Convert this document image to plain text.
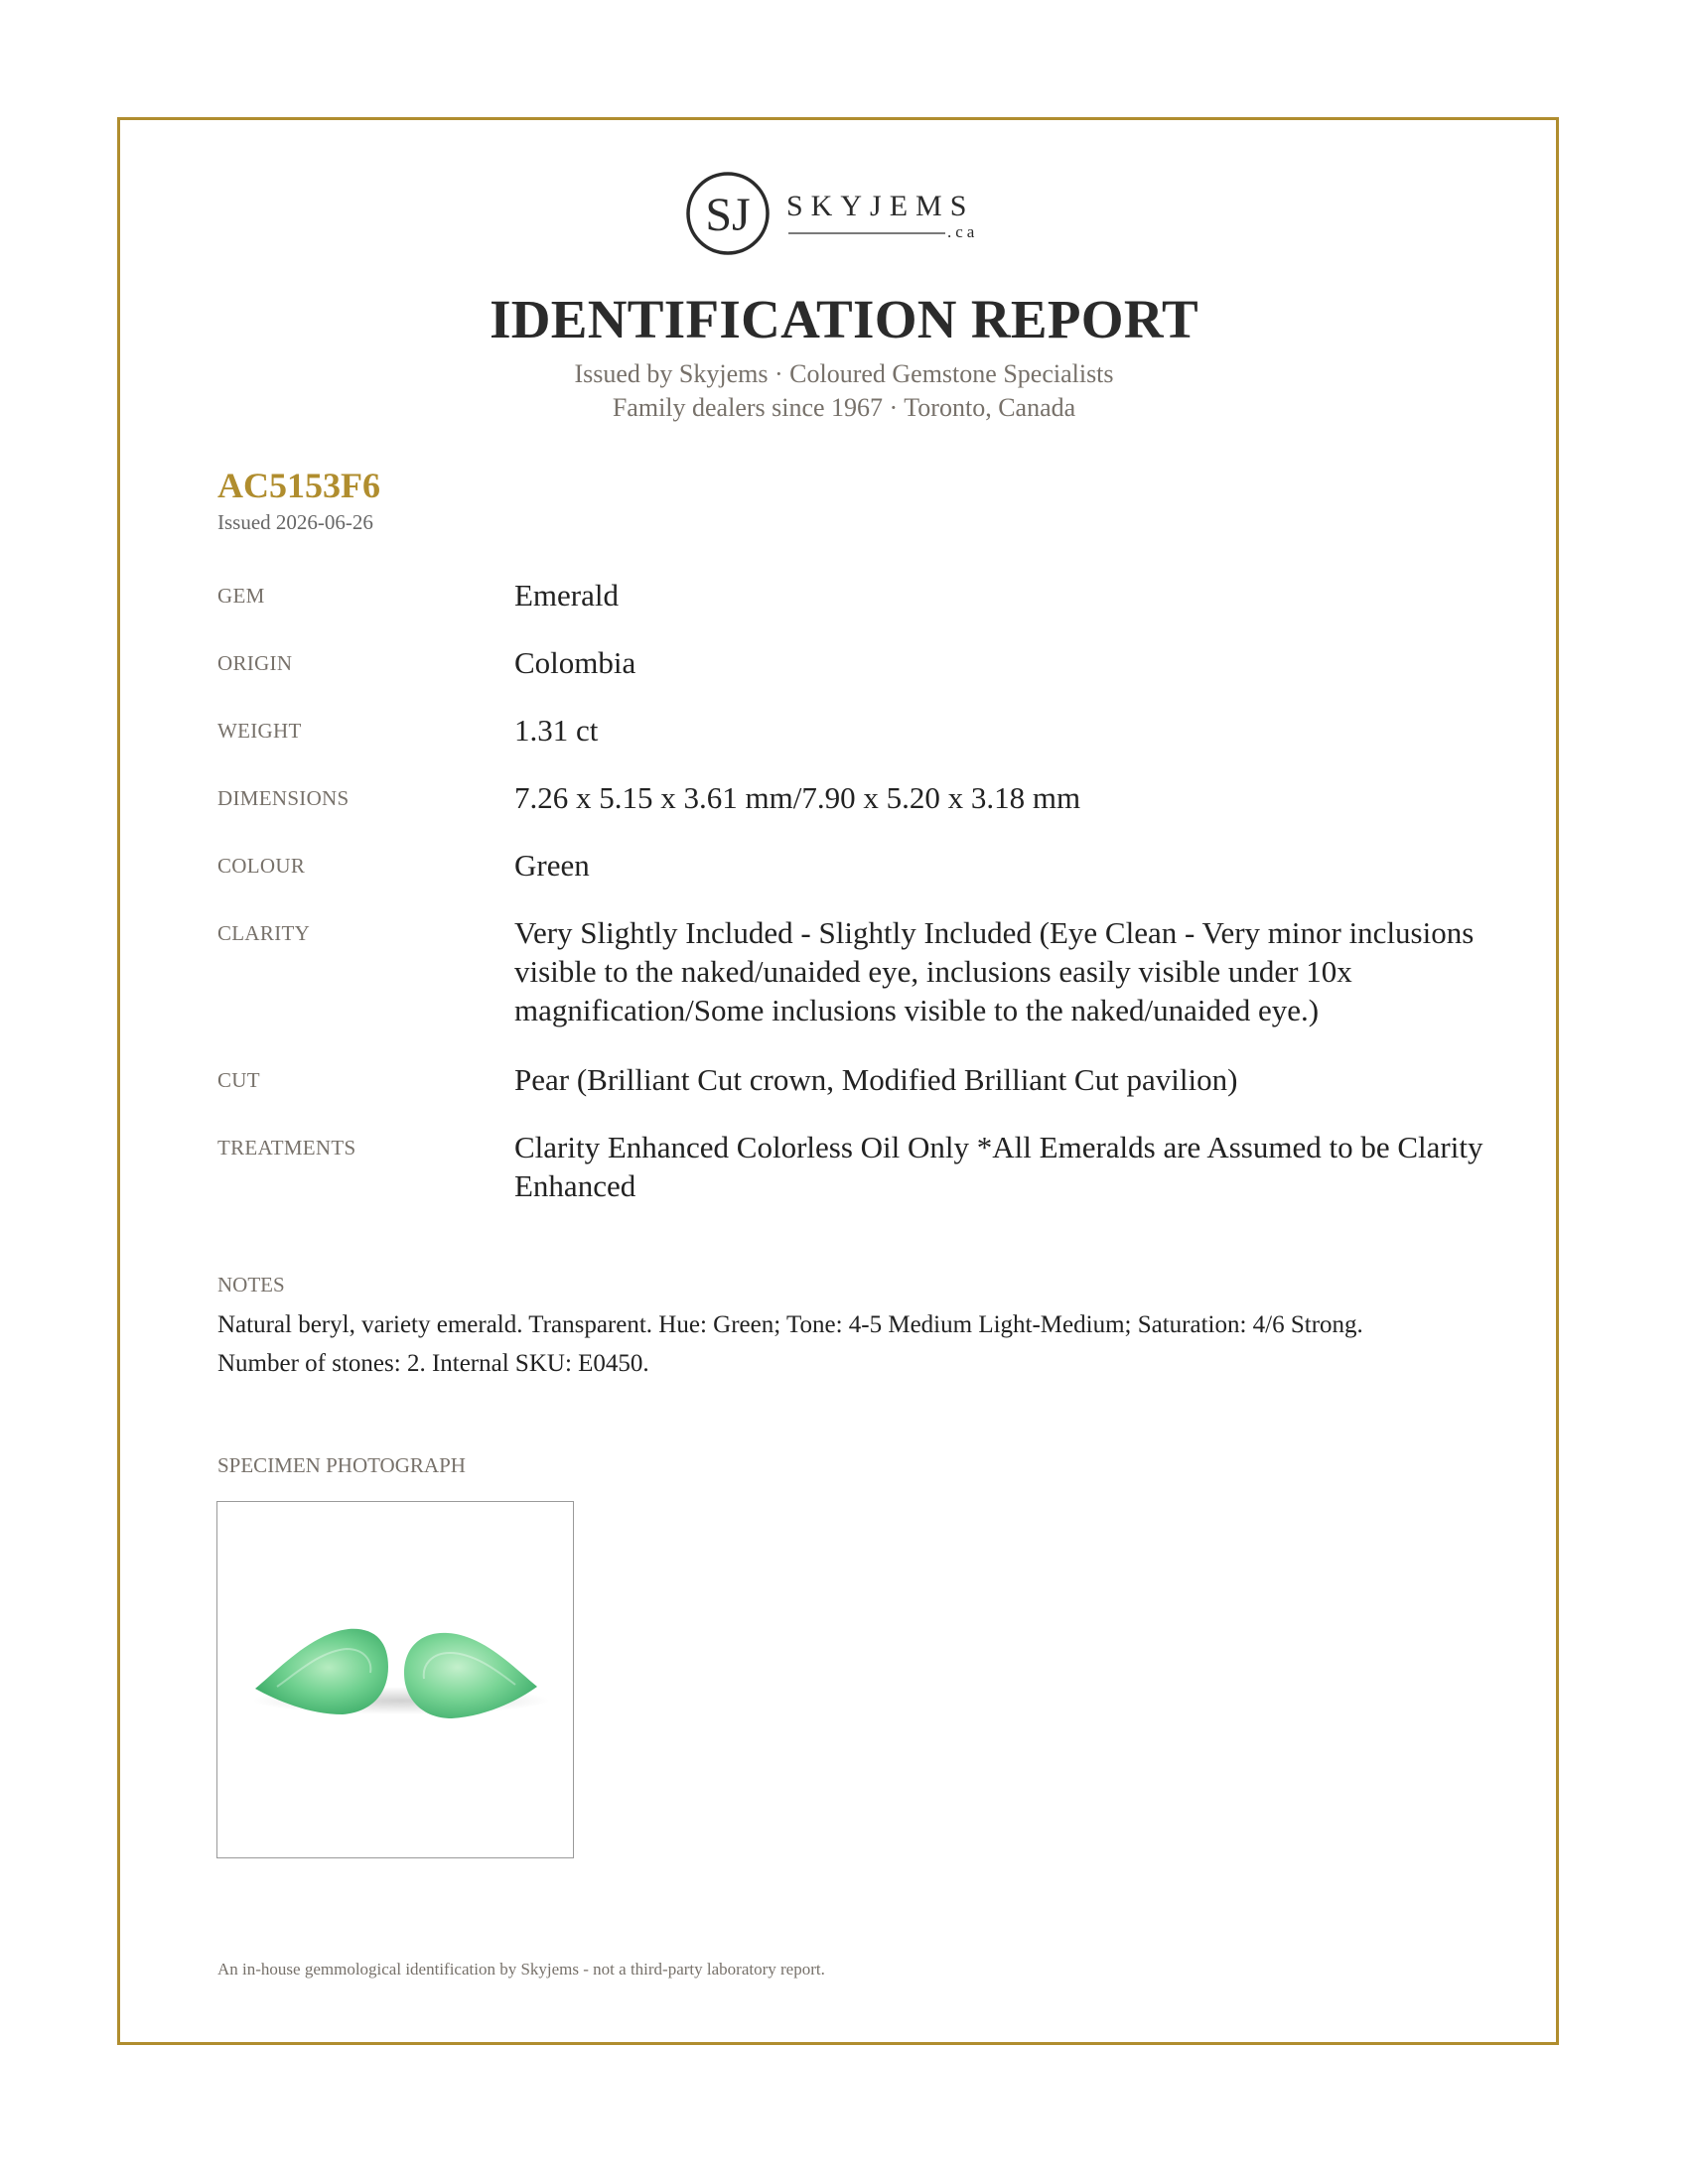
SJ SKYJEMS
.ca
IDENTIFICATION REPORT
Issued by Skyjems · Coloured Gemstone Specialists
Family dealers since 1967 · Toronto, Canada
AC5153F6
Issued 2026-06-26
GEM	Emerald
ORIGIN	Colombia
WEIGHT	1.31 ct
DIMENSIONS	7.26 x 5.15 x 3.61 mm/7.90 x 5.20 x 3.18 mm
COLOUR	Green
CLARITY	Very Slightly Included - Slightly Included (Eye Clean - Very minor inclusions visible to the naked/unaided eye, inclusions easily visible under 10x magnification/Some inclusions visible to the naked/unaided eye.)
CUT	Pear (Brilliant Cut crown, Modified Brilliant Cut pavilion)
TREATMENTS	Clarity Enhanced Colorless Oil Only *All Emeralds are Assumed to be Clarity Enhanced
NOTES
Natural beryl, variety emerald. Transparent. Hue: Green; Tone: 4-5 Medium Light-Medium; Saturation: 4/6 Strong. Number of stones: 2. Internal SKU: E0450.
SPECIMEN PHOTOGRAPH
An in-house gemmological identification by Skyjems - not a third-party laboratory report.
